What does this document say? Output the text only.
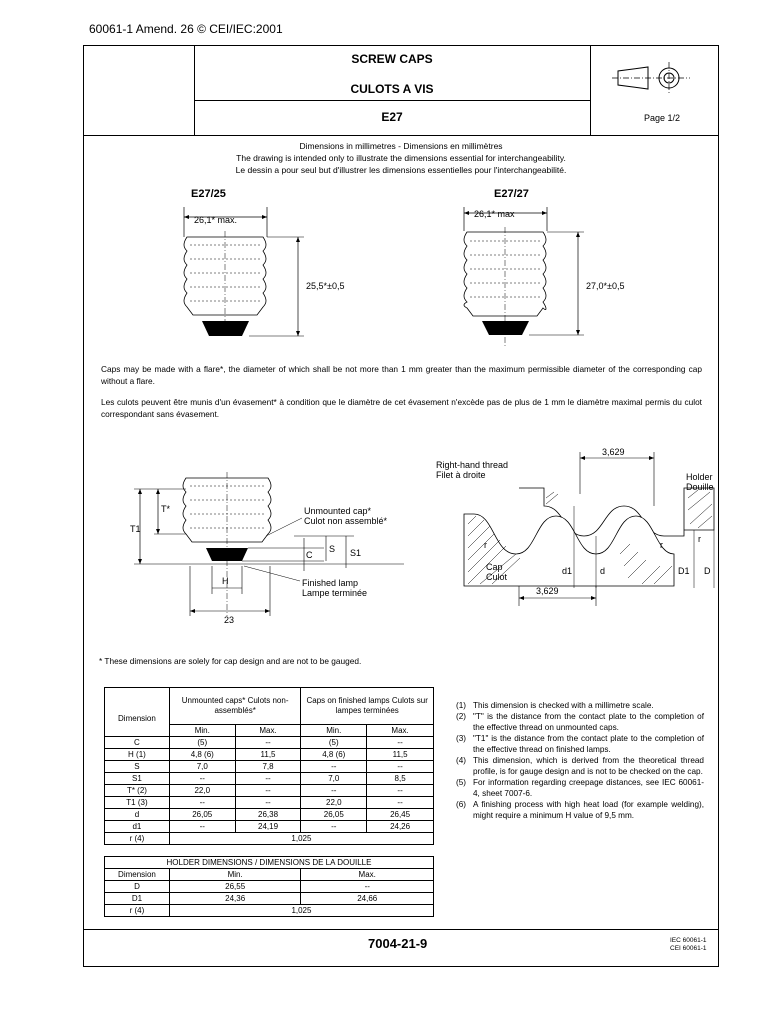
60061-1 Amend. 26 © CEI/IEC:2001
SCREW CAPS
CULOTS A VIS
E27	Page 1/2
Dimensions in millimetres - Dimensions en millimètres
The drawing is intended only to illustrate the dimensions essential for interchangeability.
Le dessin a pour seul but d'illustrer les dimensions essentielles pour l'interchangeabilité.
E27/25	E27/27
26,1* max.
25,5*±0,5
26,1* max
27,0*±0,5
Caps may be made with a flare*, the diameter of which shall be not more than 1 mm greater than the maximum permissible diameter of the corresponding cap without a flare.
Les culots peuvent être munis d'un évasement* à condition que le diamètre de cet évasement n'excède pas de plus de 1 mm le diamètre maximal permis du culot correspondant sans évasement.
T1
T*
C
S S1
Unmounted cap*
Culot non assemblé*
Finished lamp
Lampe terminée
H
23
Right-hand thread
Filet à droite
3,629
Holder
Douille
r	r
r
Cap
Culot
3,629
d1	d	D1 D
* These dimensions are solely for cap design and are not to be gauged.
	Unmounted caps* Culots non-assemblés*		Caps on finished lamps Culots sur lampes terminées	
Dimension				
	Min.	Max.	Min.	Max.
C	(5)	--	(5)	--
H (1)	4,8 (6)	11,5	4,8 (6)	11,5
S	7,0	7,8	--	--
S1	--	--	7,0	8,5
T* (2)	22,0	--	--	--
T1 (3)	--	--	22,0	--
d	26,05	26,38	26,05	26,45
d1	--	24,19	--	24,26
r (4)	1,025			
HOLDER DIMENSIONS / DIMENSIONS DE LA DOUILLE		
Dimension	Min.	Max.
D	26,55	--
D1	24,36	24,66
r (4)	1,025	
(1) This dimension is checked with a millimetre scale.
(2) "T" is the distance from the contact plate to the completion of the effective thread on unmounted caps.
(3) "T1" is the distance from the contact plate to the completion of the effective thread on finished lamps.
(4) This dimension, which is derived from the theoretical thread profile, is for gauge design and is not to be checked on the cap.
(5) For information regarding creepage distances, see IEC 60061-4, sheet 7007-6.
(6) A finishing process with high heat load (for example welding), might require a minimum H value of 9,5 mm.
7004-21-9	IEC 60061-1
CEI 60061-1
